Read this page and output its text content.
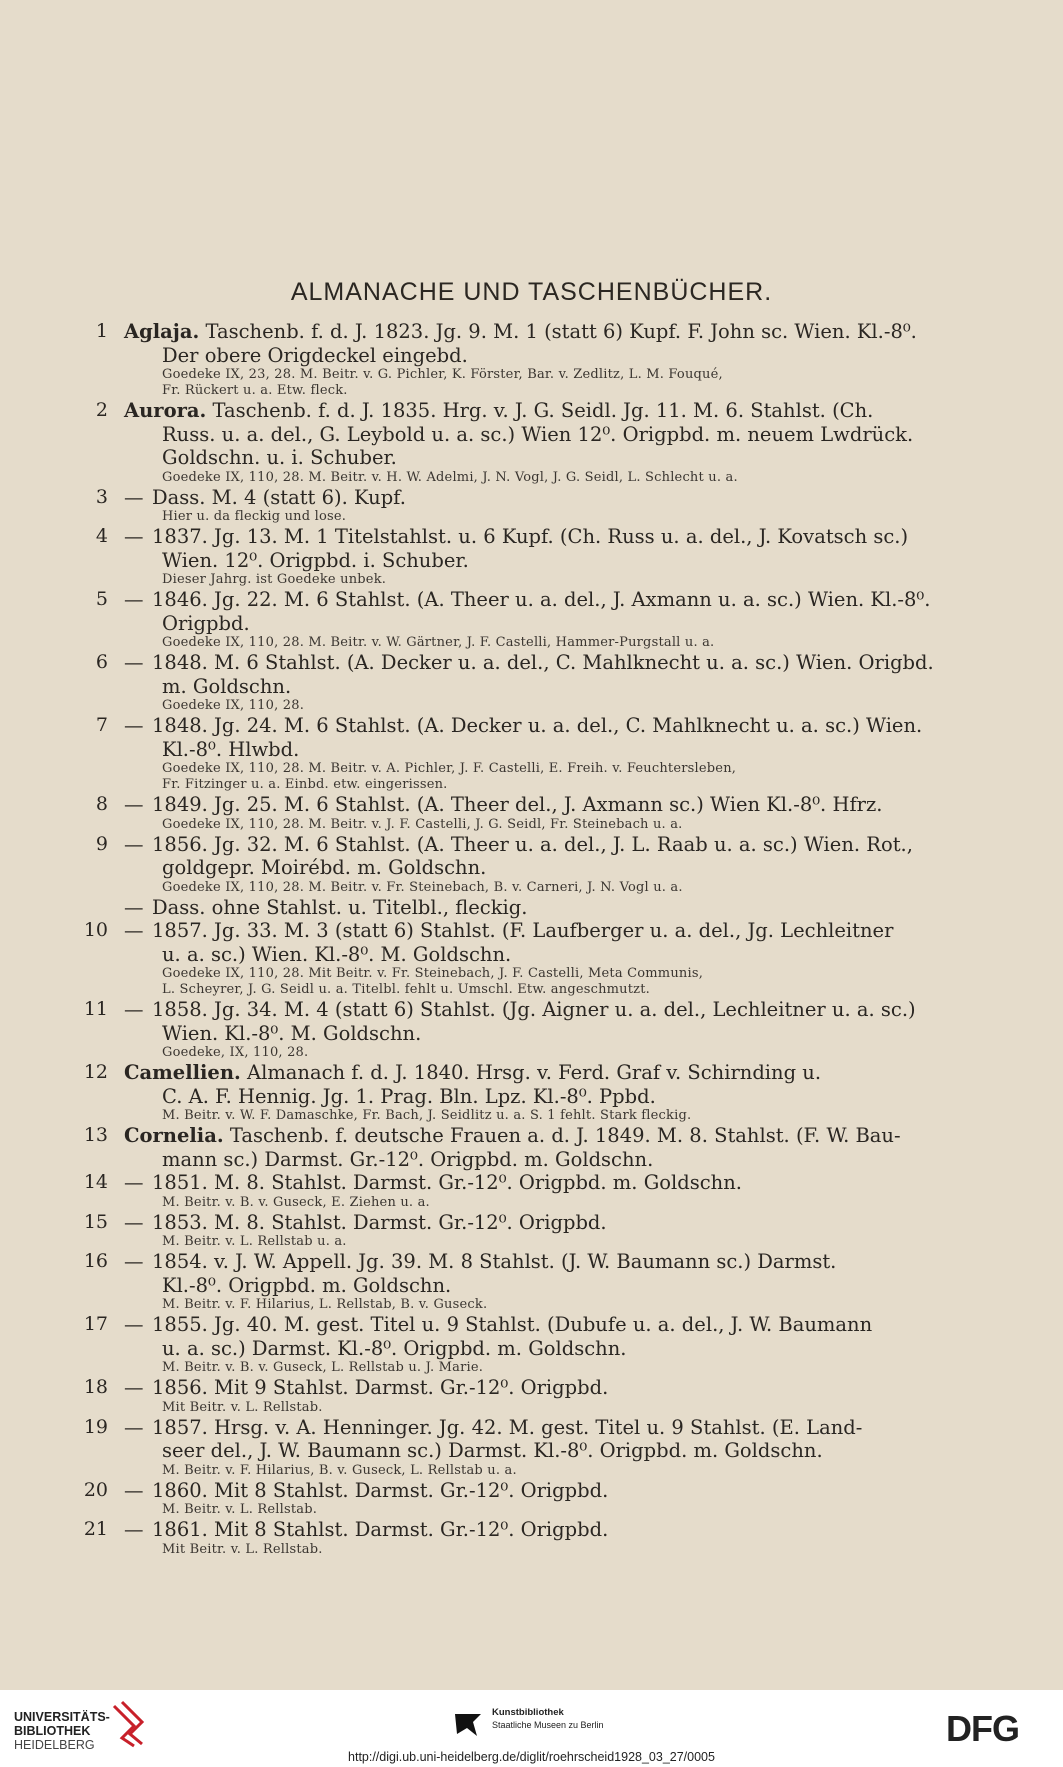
ALMANACHE UND TASCHENBÜCHER.
1 Aglaja. Taschenb. f. d. J. 1823. Jg. 9. M. 1 (statt 6) Kupf. F. John sc. Wien. Kl.-8⁰.
Der obere Origdeckel eingebd.
Goedeke IX, 23, 28. M. Beitr. v. G. Pichler, K. Förster, Bar. v. Zedlitz, L. M. Fouqué,
Fr. Rückert u. a. Etw. fleck.
2 Aurora. Taschenb. f. d. J. 1835. Hrg. v. J. G. Seidl. Jg. 11. M. 6. Stahlst. (Ch.
Russ. u. a. del., G. Leybold u. a. sc.) Wien 12⁰. Origpbd. m. neuem Lwdrück.
Goldschn. u. i. Schuber.
Goedeke IX, 110, 28. M. Beitr. v. H. W. Adelmi, J. N. Vogl, J. G. Seidl, L. Schlecht u. a.
3 — Dass. M. 4 (statt 6). Kupf.
Hier u. da fleckig und lose.
4 — 1837. Jg. 13. M. 1 Titelstahlst. u. 6 Kupf. (Ch. Russ u. a. del., J. Kovatsch sc.)
Wien. 12⁰. Origpbd. i. Schuber.
Dieser Jahrg. ist Goedeke unbek.
5 — 1846. Jg. 22. M. 6 Stahlst. (A. Theer u. a. del., J. Axmann u. a. sc.) Wien. Kl.-8⁰.
Origpbd.
Goedeke IX, 110, 28. M. Beitr. v. W. Gärtner, J. F. Castelli, Hammer-Purgstall u. a.
6 — 1848. M. 6 Stahlst. (A. Decker u. a. del., C. Mahlknecht u. a. sc.) Wien. Origbd.
m. Goldschn.
Goedeke IX, 110, 28.
7 — 1848. Jg. 24. M. 6 Stahlst. (A. Decker u. a. del., C. Mahlknecht u. a. sc.) Wien.
Kl.-8⁰. Hlwbd.
Goedeke IX, 110, 28. M. Beitr. v. A. Pichler, J. F. Castelli, E. Freih. v. Feuchtersleben,
Fr. Fitzinger u. a. Einbd. etw. eingerissen.
8 — 1849. Jg. 25. M. 6 Stahlst. (A. Theer del., J. Axmann sc.) Wien Kl.-8⁰. Hfrz.
Goedeke IX, 110, 28. M. Beitr. v. J. F. Castelli, J. G. Seidl, Fr. Steinebach u. a.
9 — 1856. Jg. 32. M. 6 Stahlst. (A. Theer u. a. del., J. L. Raab u. a. sc.) Wien. Rot.,
goldgepr. Moirébd. m. Goldschn.
Goedeke IX, 110, 28. M. Beitr. v. Fr. Steinebach, B. v. Carneri, J. N. Vogl u. a.
— Dass. ohne Stahlst. u. Titelbl., fleckig.
10 — 1857. Jg. 33. M. 3 (statt 6) Stahlst. (F. Laufberger u. a. del., Jg. Lechleitner
u. a. sc.) Wien. Kl.-8⁰. M. Goldschn.
Goedeke IX, 110, 28. Mit Beitr. v. Fr. Steinebach, J. F. Castelli, Meta Communis,
L. Scheyrer, J. G. Seidl u. a. Titelbl. fehlt u. Umschl. Etw. angeschmutzt.
11 — 1858. Jg. 34. M. 4 (statt 6) Stahlst. (Jg. Aigner u. a. del., Lechleitner u. a. sc.)
Wien. Kl.-8⁰. M. Goldschn.
Goedeke, IX, 110, 28.
12 Camellien. Almanach f. d. J. 1840. Hrsg. v. Ferd. Graf v. Schirnding u.
C. A. F. Hennig. Jg. 1. Prag. Bln. Lpz. Kl.-8⁰. Ppbd.
M. Beitr. v. W. F. Damaschke, Fr. Bach, J. Seidlitz u. a. S. 1 fehlt. Stark fleckig.
13 Cornelia. Taschenb. f. deutsche Frauen a. d. J. 1849. M. 8. Stahlst. (F. W. Bau-
mann sc.) Darmst. Gr.-12⁰. Origpbd. m. Goldschn.
14 — 1851. M. 8. Stahlst. Darmst. Gr.-12⁰. Origpbd. m. Goldschn.
M. Beitr. v. B. v. Guseck, E. Ziehen u. a.
15 — 1853. M. 8. Stahlst. Darmst. Gr.-12⁰. Origpbd.
M. Beitr. v. L. Rellstab u. a.
16 — 1854. v. J. W. Appell. Jg. 39. M. 8 Stahlst. (J. W. Baumann sc.) Darmst.
Kl.-8⁰. Origpbd. m. Goldschn.
M. Beitr. v. F. Hilarius, L. Rellstab, B. v. Guseck.
17 — 1855. Jg. 40. M. gest. Titel u. 9 Stahlst. (Dubufe u. a. del., J. W. Baumann
u. a. sc.) Darmst. Kl.-8⁰. Origpbd. m. Goldschn.
M. Beitr. v. B. v. Guseck, L. Rellstab u. J. Marie.
18 — 1856. Mit 9 Stahlst. Darmst. Gr.-12⁰. Origpbd.
Mit Beitr. v. L. Rellstab.
19 — 1857. Hrsg. v. A. Henninger. Jg. 42. M. gest. Titel u. 9 Stahlst. (E. Land-
seer del., J. W. Baumann sc.) Darmst. Kl.-8⁰. Origpbd. m. Goldschn.
M. Beitr. v. F. Hilarius, B. v. Guseck, L. Rellstab u. a.
20 — 1860. Mit 8 Stahlst. Darmst. Gr.-12⁰. Origpbd.
M. Beitr. v. L. Rellstab.
21 — 1861. Mit 8 Stahlst. Darmst. Gr.-12⁰. Origpbd.
Mit Beitr. v. L. Rellstab.
UNIVERSITÄTS-
BIBLIOTHEK
HEIDELBERG
Kunstbibliothek
Staatliche Museen zu Berlin	DFG
http://digi.ub.uni-heidelberg.de/diglit/roehrscheid1928_03_27/0005
